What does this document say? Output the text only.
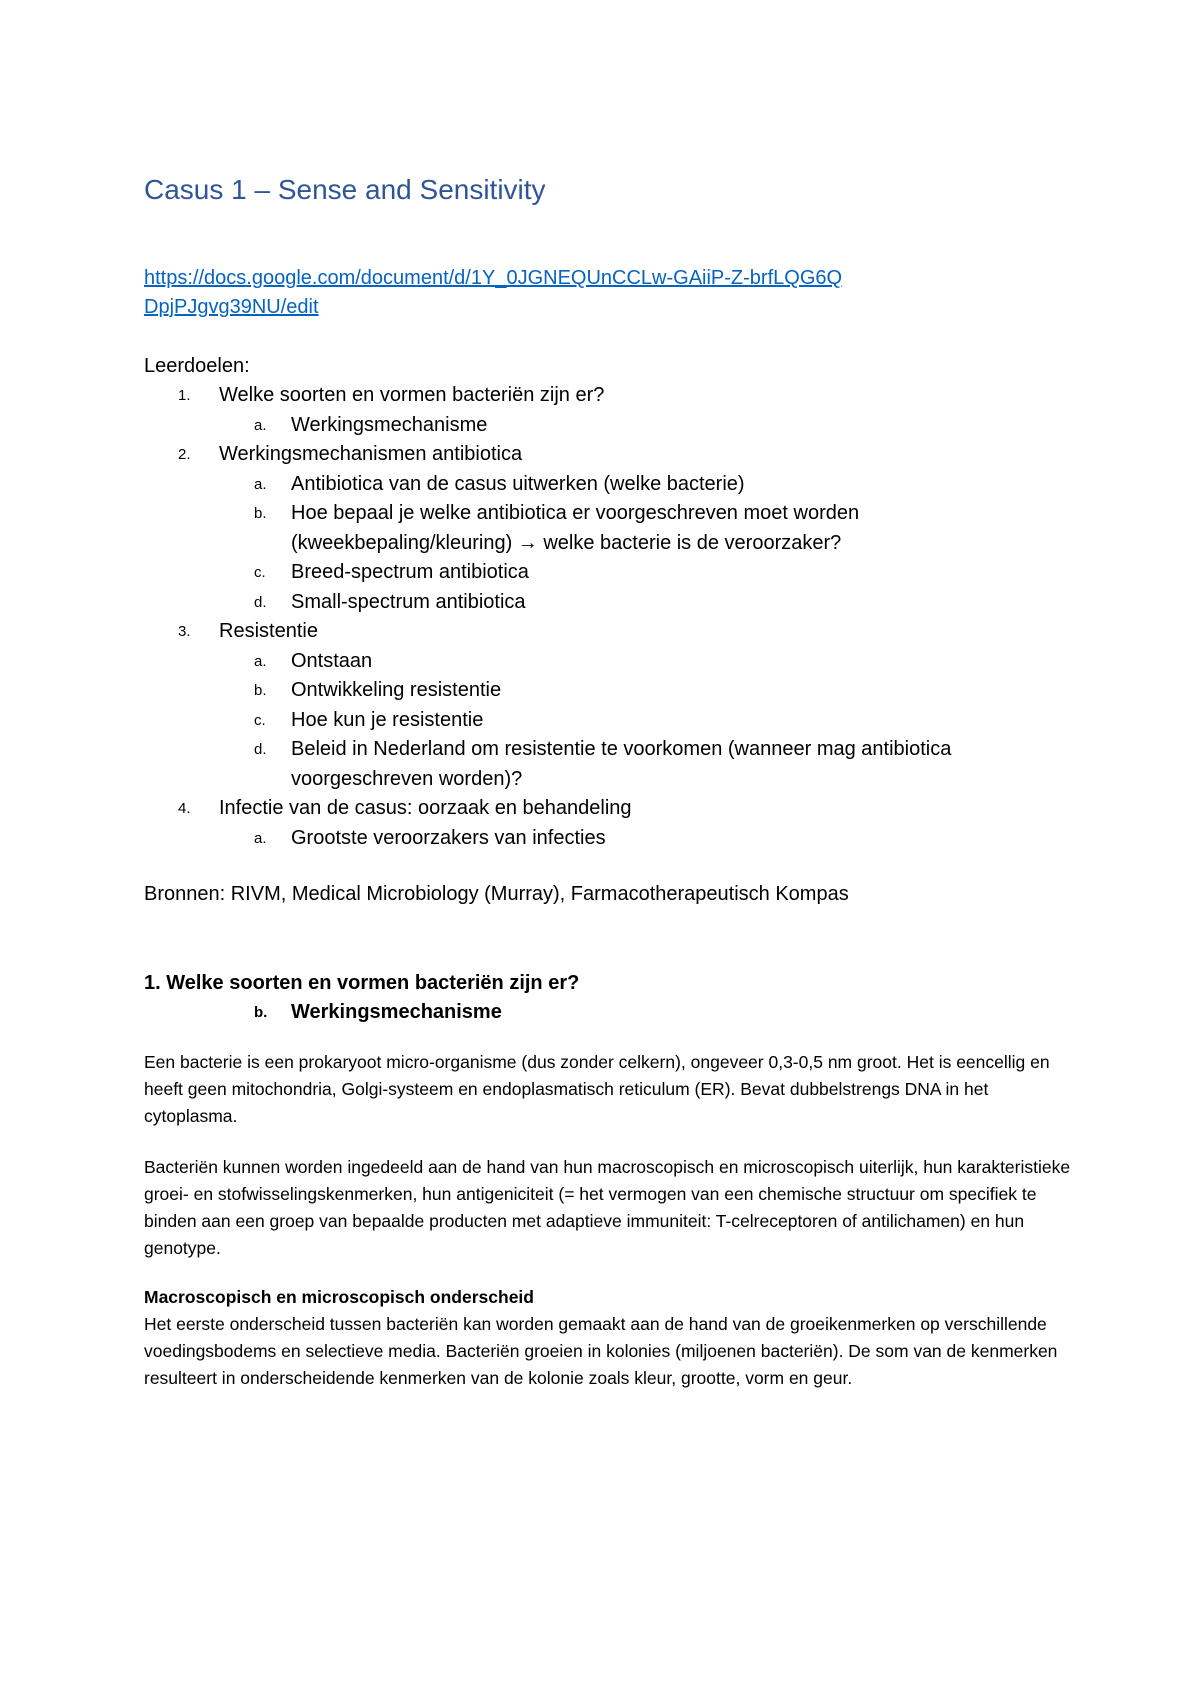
Casus 1 – Sense and Sensitivity
https://docs.google.com/document/d/1Y_0JGNEQUnCCLw-GAiiP-Z-brfLQG6QDpjPJgvg39NU/edit
Leerdoelen:
1. Welke soorten en vormen bacteriën zijn er?
a. Werkingsmechanisme
2. Werkingsmechanismen antibiotica
a. Antibiotica van de casus uitwerken (welke bacterie)
b. Hoe bepaal je welke antibiotica er voorgeschreven moet worden (kweekbepaling/kleuring) → welke bacterie is de veroorzaker?
c. Breed-spectrum antibiotica
d. Small-spectrum antibiotica
3. Resistentie
a. Ontstaan
b. Ontwikkeling resistentie
c. Hoe kun je resistentie
d. Beleid in Nederland om resistentie te voorkomen (wanneer mag antibiotica voorgeschreven worden)?
4. Infectie van de casus: oorzaak en behandeling
a. Grootste veroorzakers van infecties
Bronnen: RIVM, Medical Microbiology (Murray), Farmacotherapeutisch Kompas
1. Welke soorten en vormen bacteriën zijn er?
b. Werkingsmechanisme

Een bacterie is een prokaryoot micro-organisme (dus zonder celkern), ongeveer 0,3-0,5 nm groot. Het is eencellig en heeft geen mitochondria, Golgi-systeem en endoplasmatisch reticulum (ER). Bevat dubbelstrengs DNA in het cytoplasma.

Bacteriën kunnen worden ingedeeld aan de hand van hun macroscopisch en microscopisch uiterlijk, hun karakteristieke groei- en stofwisselingskenmerken, hun antigeniciteit (= het vermogen van een chemische structuur om specifiek te binden aan een groep van bepaalde producten met adaptieve immuniteit: T-celreceptoren of antilichamen) en hun genotype.

Macroscopisch en microscopisch onderscheid

Het eerste onderscheid tussen bacteriën kan worden gemaakt aan de hand van de groeikenmerken op verschillende voedingsbodems en selectieve media. Bacteriën groeien in kolonies (miljoenen bacteriën). De som van de kenmerken resulteert in onderscheidende kenmerken van de kolonie zoals kleur, grootte, vorm en geur.
